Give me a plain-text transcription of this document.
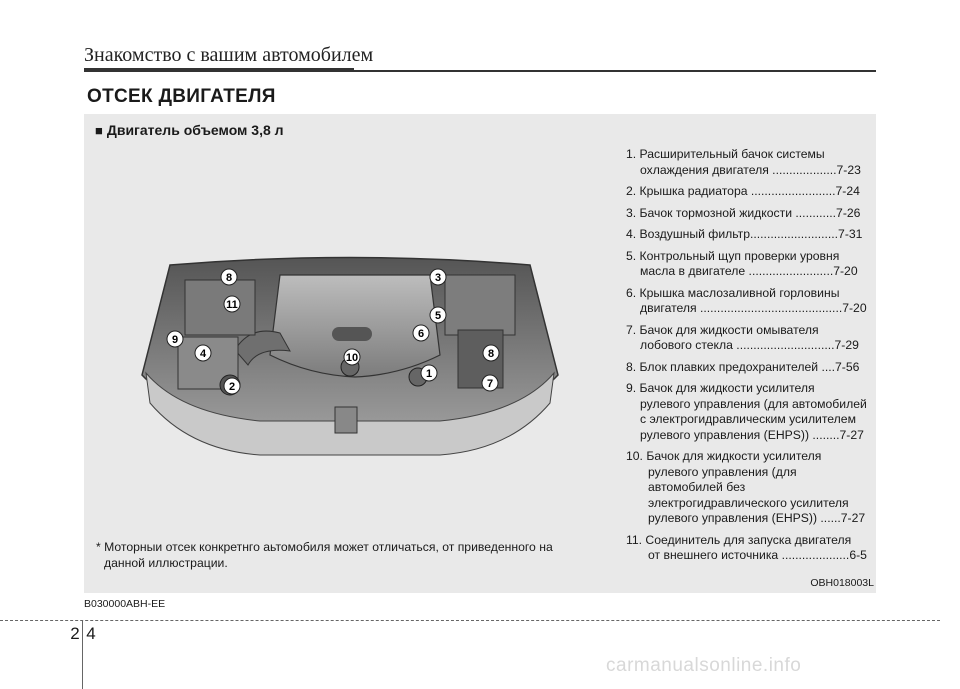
Знакомство с вашим автомобилем
ОТСЕК ДВИГАТЕЛЯ
■ Двигатель объемом 3,8 л
1
2
3
4
5
6
7
8
8
9
10
11
1. Расширительный бачок системы
охлаждения двигателя ...................7-23
2. Крышка радиатора .........................7-24
3. Бачок тормозной жидкости ............7-26
4. Воздушный фильтр..........................7-31
5. Контрольный щуп проверки уровня
масла в двигателе .........................7-20
6. Крышка маслозаливной горловины
двигателя ..........................................7-20
7. Бачок для жидкости омывателя
лобового стекла .............................7-29
8. Блок плавких предохранителей ....7-56
9. Бачок для жидкости усилителя
рулевого управления (для автомобилей
с электрогидравлическим усилителем
рулевого управления (EHPS)) ........7-27
10. Бачок для жидкости усилителя
рулевого управления (для
автомобилей без
электрогидравлического усилителя
рулевого управления (EHPS)) ......7-27
11. Соединитель для запуска двигателя
от внешнего источника ....................6-5
* Моторныи отсек конкретнго аьтомобиля может отличаться, от приведенного на
данной иллюстрации.
OBH018003L
B030000ABH-EE
2 4
carmanualsonline.info
